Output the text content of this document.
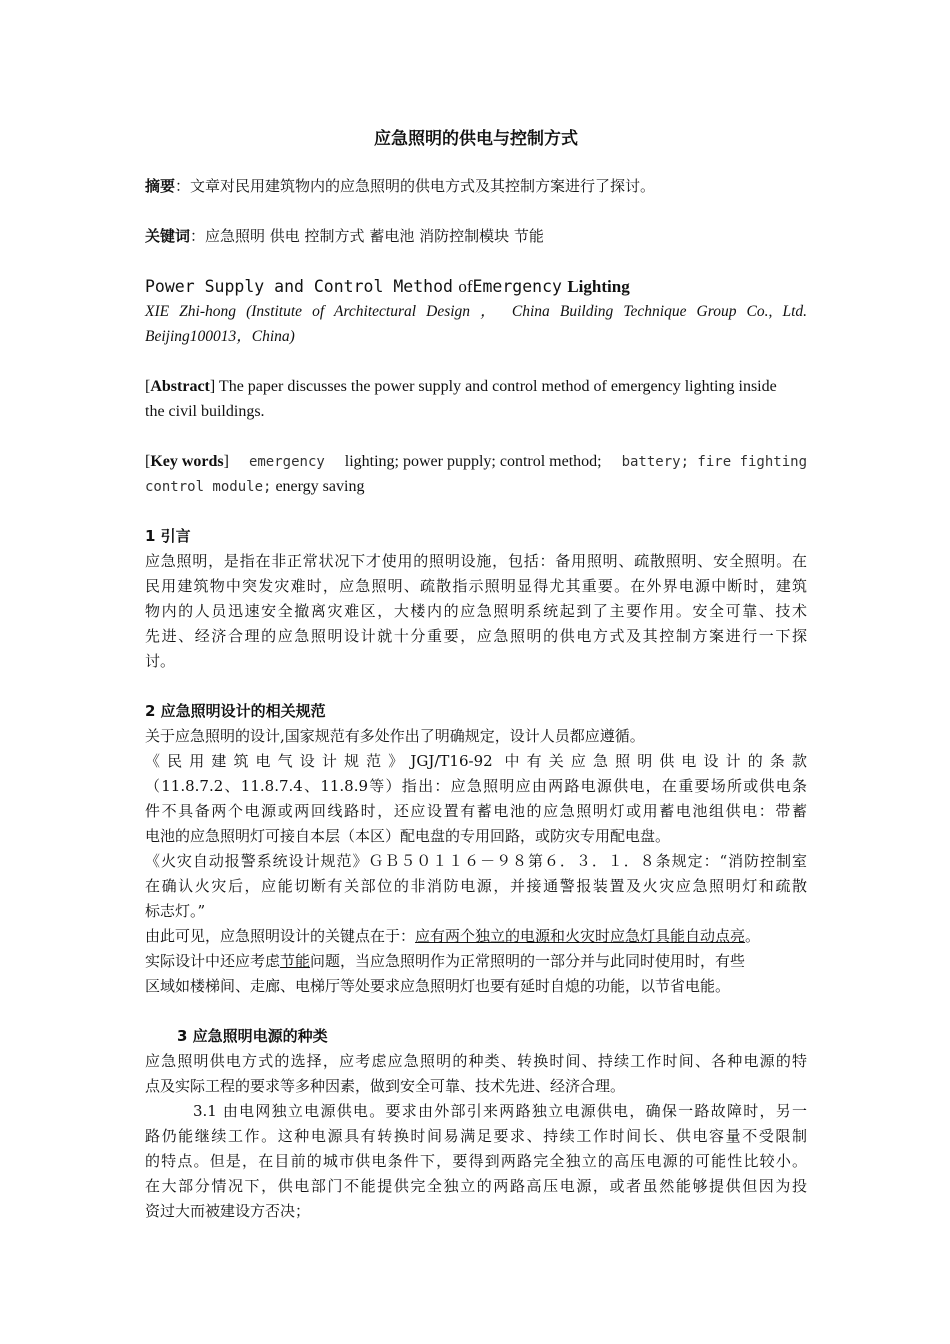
应急照明的供电与控制方式
摘要：文章对民用建筑物内的应急照明的供电方式及其控制方案进行了探讨。
关键词：应急照明 供电 控制方式 蓄电池 消防控制模块 节能
Power Supply and Control Method ofEmergency Lighting
XIE Zhi-hong (Institute of Architectural Design ， China Building Technique Group Co., Ltd.
Beijing100013，China)
[Abstract] The paper discusses the power supply and control method of emergency lighting inside
the civil buildings.
[Key words] emergency lighting; power pupply; control method; battery; fire fighting
control module; energy saving
1 引言
应急照明，是指在非正常状况下才使用的照明设施，包括：备用照明、疏散照明、安全照明。在
民用建筑物中突发灾难时，应急照明、疏散指示照明显得尤其重要。在外界电源中断时，建筑
物内的人员迅速安全撤离灾难区，大楼内的应急照明系统起到了主要作用。安全可靠、技术
先进、经济合理的应急照明设计就十分重要，应急照明的供电方式及其控制方案进行一下探
讨。
2 应急照明设计的相关规范
关于应急照明的设计,国家规范有多处作出了明确规定，设计人员都应遵循。
《民用建筑电气设计规范》JGJ/T16-92 中有关应急照明供电设计的条款
（11.8.7.2、11.8.7.4、11.8.9等）指出：应急照明应由两路电源供电，在重要场所或供电条
件不具备两个电源或两回线路时，还应设置有蓄电池的应急照明灯或用蓄电池组供电：带蓄
电池的应急照明灯可接自本层（本区）配电盘的专用回路，或防灾专用配电盘。
《火灾自动报警系统设计规范》ＧＢ５０１１６－９８第６．３．１．８条规定：“消防控制室
在确认火灾后，应能切断有关部位的非消防电源，并接通警报装置及火灾应急照明灯和疏散
标志灯。”
由此可见，应急照明设计的关键点在于：应有两个独立的电源和火灾时应急灯具能自动点亮。
实际设计中还应考虑节能问题，当应急照明作为正常照明的一部分并与此同时使用时，有些
区域如楼梯间、走廊、电梯厅等处要求应急照明灯也要有延时自熄的功能，以节省电能。
3 应急照明电源的种类
应急照明供电方式的选择，应考虑应急照明的种类、转换时间、持续工作时间、各种电源的特
点及实际工程的要求等多种因素，做到安全可靠、技术先进、经济合理。
3.1 由电网独立电源供电。要求由外部引来两路独立电源供电，确保一路故障时，另一
路仍能继续工作。这种电源具有转换时间易满足要求、持续工作时间长、供电容量不受限制
的特点。但是，在目前的城市供电条件下，要得到两路完全独立的高压电源的可能性比较小。
在大部分情况下，供电部门不能提供完全独立的两路高压电源，或者虽然能够提供但因为投
资过大而被建设方否决；
